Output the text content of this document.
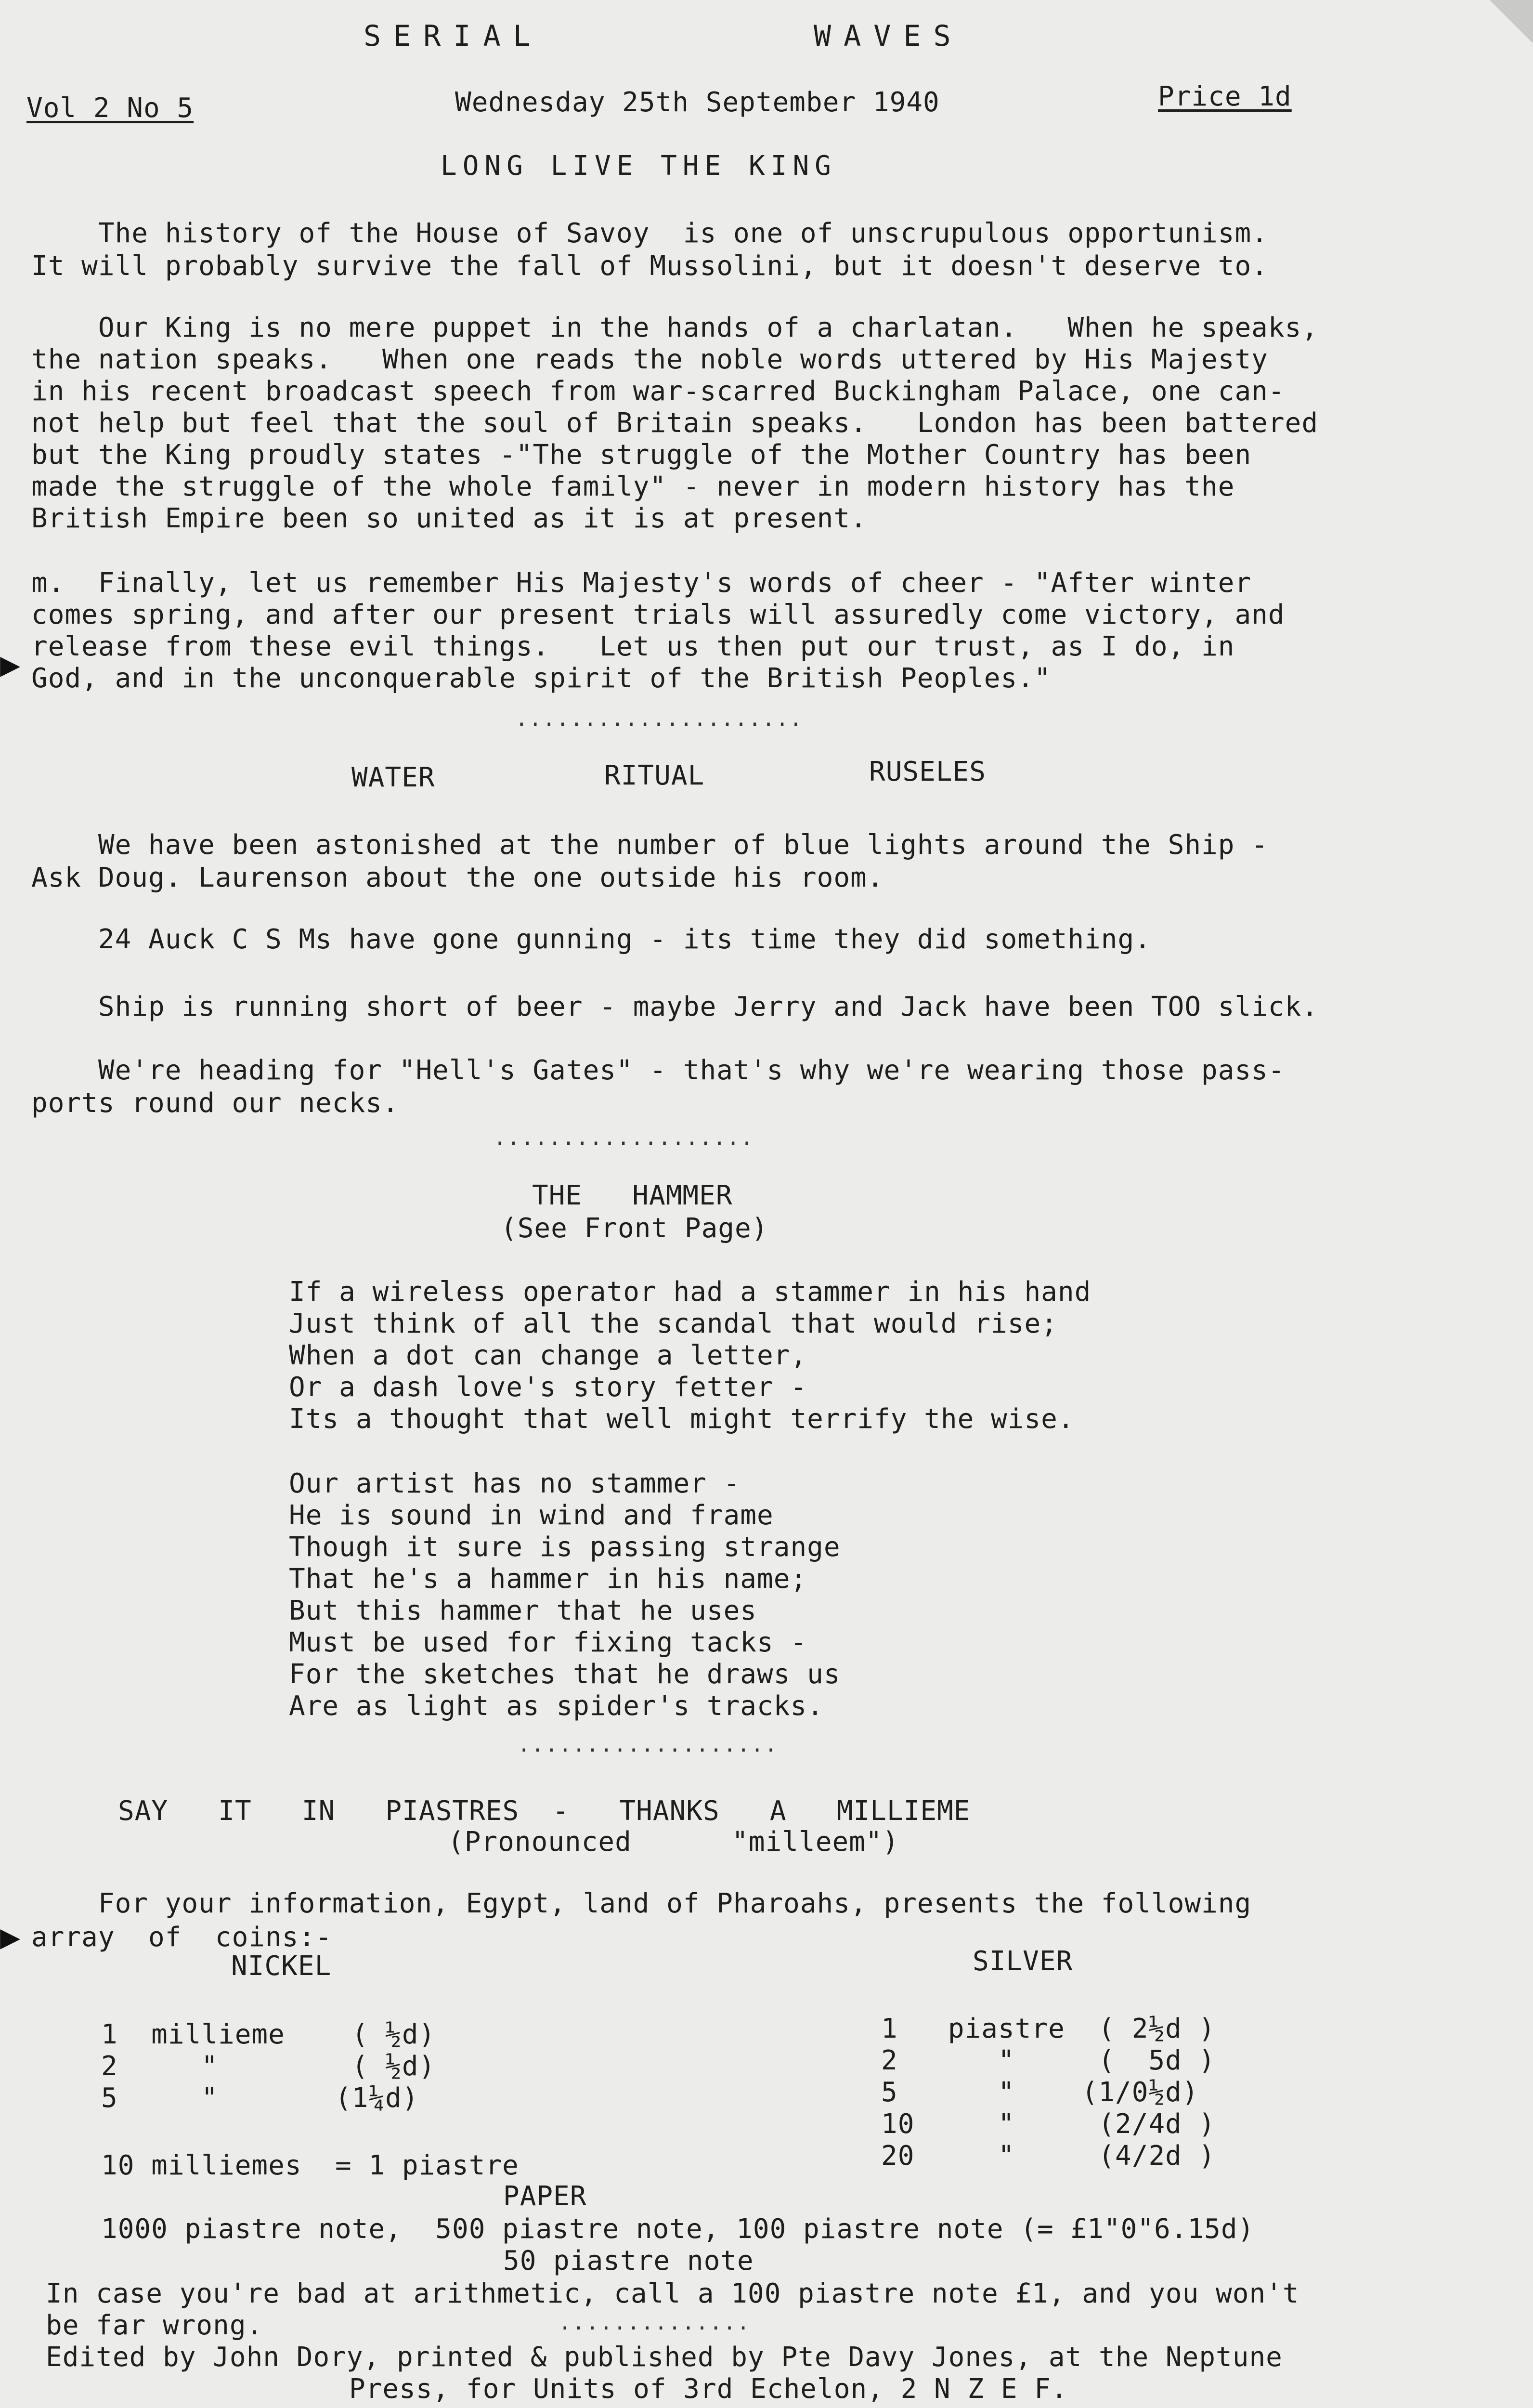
SERIAL	WAVES
Vol 2 No 5	Wednesday 25th September 1940	Price 1d
LONG LIVE THE KING
The history of the House of Savoy  is one of unscrupulous opportunism.
It will probably survive the fall of Mussolini, but it doesn't deserve to.
Our King is no mere puppet in the hands of a charlatan.   When he speaks,
the nation speaks.   When one reads the noble words uttered by His Majesty
in his recent broadcast speech from war-scarred Buckingham Palace, one can-
not help but feel that the soul of Britain speaks.   London has been battered
but the King proudly states -"The struggle of the Mother Country has been
made the struggle of the whole family" - never in modern history has the
British Empire been so united as it is at present.
m.  Finally, let us remember His Majesty's words of cheer - "After winter
comes spring, and after our present trials will assuredly come victory, and
release from these evil things.   Let us then put our trust, as I do, in
God, and in the unconquerable spirit of the British Peoples."
▶
.....................
WATER	RITUAL	RUSELES
We have been astonished at the number of blue lights around the Ship -
Ask Doug. Laurenson about the one outside his room.
24 Auck C S Ms have gone gunning - its time they did something.
Ship is running short of beer - maybe Jerry and Jack have been TOO slick.
We're heading for "Hell's Gates" - that's why we're wearing those pass-
ports round our necks.
...................
THE   HAMMER
(See Front Page)
If a wireless operator had a stammer in his hand
Just think of all the scandal that would rise;
When a dot can change a letter,
Or a dash love's story fetter -
Its a thought that well might terrify the wise.
Our artist has no stammer -
He is sound in wind and frame
Though it sure is passing strange
That he's a hammer in his name;
But this hammer that he uses
Must be used for fixing tacks -
For the sketches that he draws us
Are as light as spider's tracks.
...................
SAY   IT   IN   PIASTRES  -   THANKS   A   MILLIEME
(Pronounced      "milleem")
For your information, Egypt, land of Pharoahs, presents the following
array  of  coins:-
▶
NICKEL	SILVER
1  millieme    ( ½d)
2     "        ( ½d)
5     "       (1¼d)
1   piastre  ( 2½d )
2      "     (  5d )
5      "    (1/0½d)
10     "     (2/4d )
20     "     (4/2d )
10 milliemes  = 1 piastre
PAPER
1000 piastre note,  500 piastre note, 100 piastre note (= £1"0"6.15d)
50 piastre note
In case you're bad at arithmetic, call a 100 piastre note £1, and you won't
be far wrong.	..............
Edited by John Dory, printed & published by Pte Davy Jones, at the Neptune
Press, for Units of 3rd Echelon, 2 N Z E F.
